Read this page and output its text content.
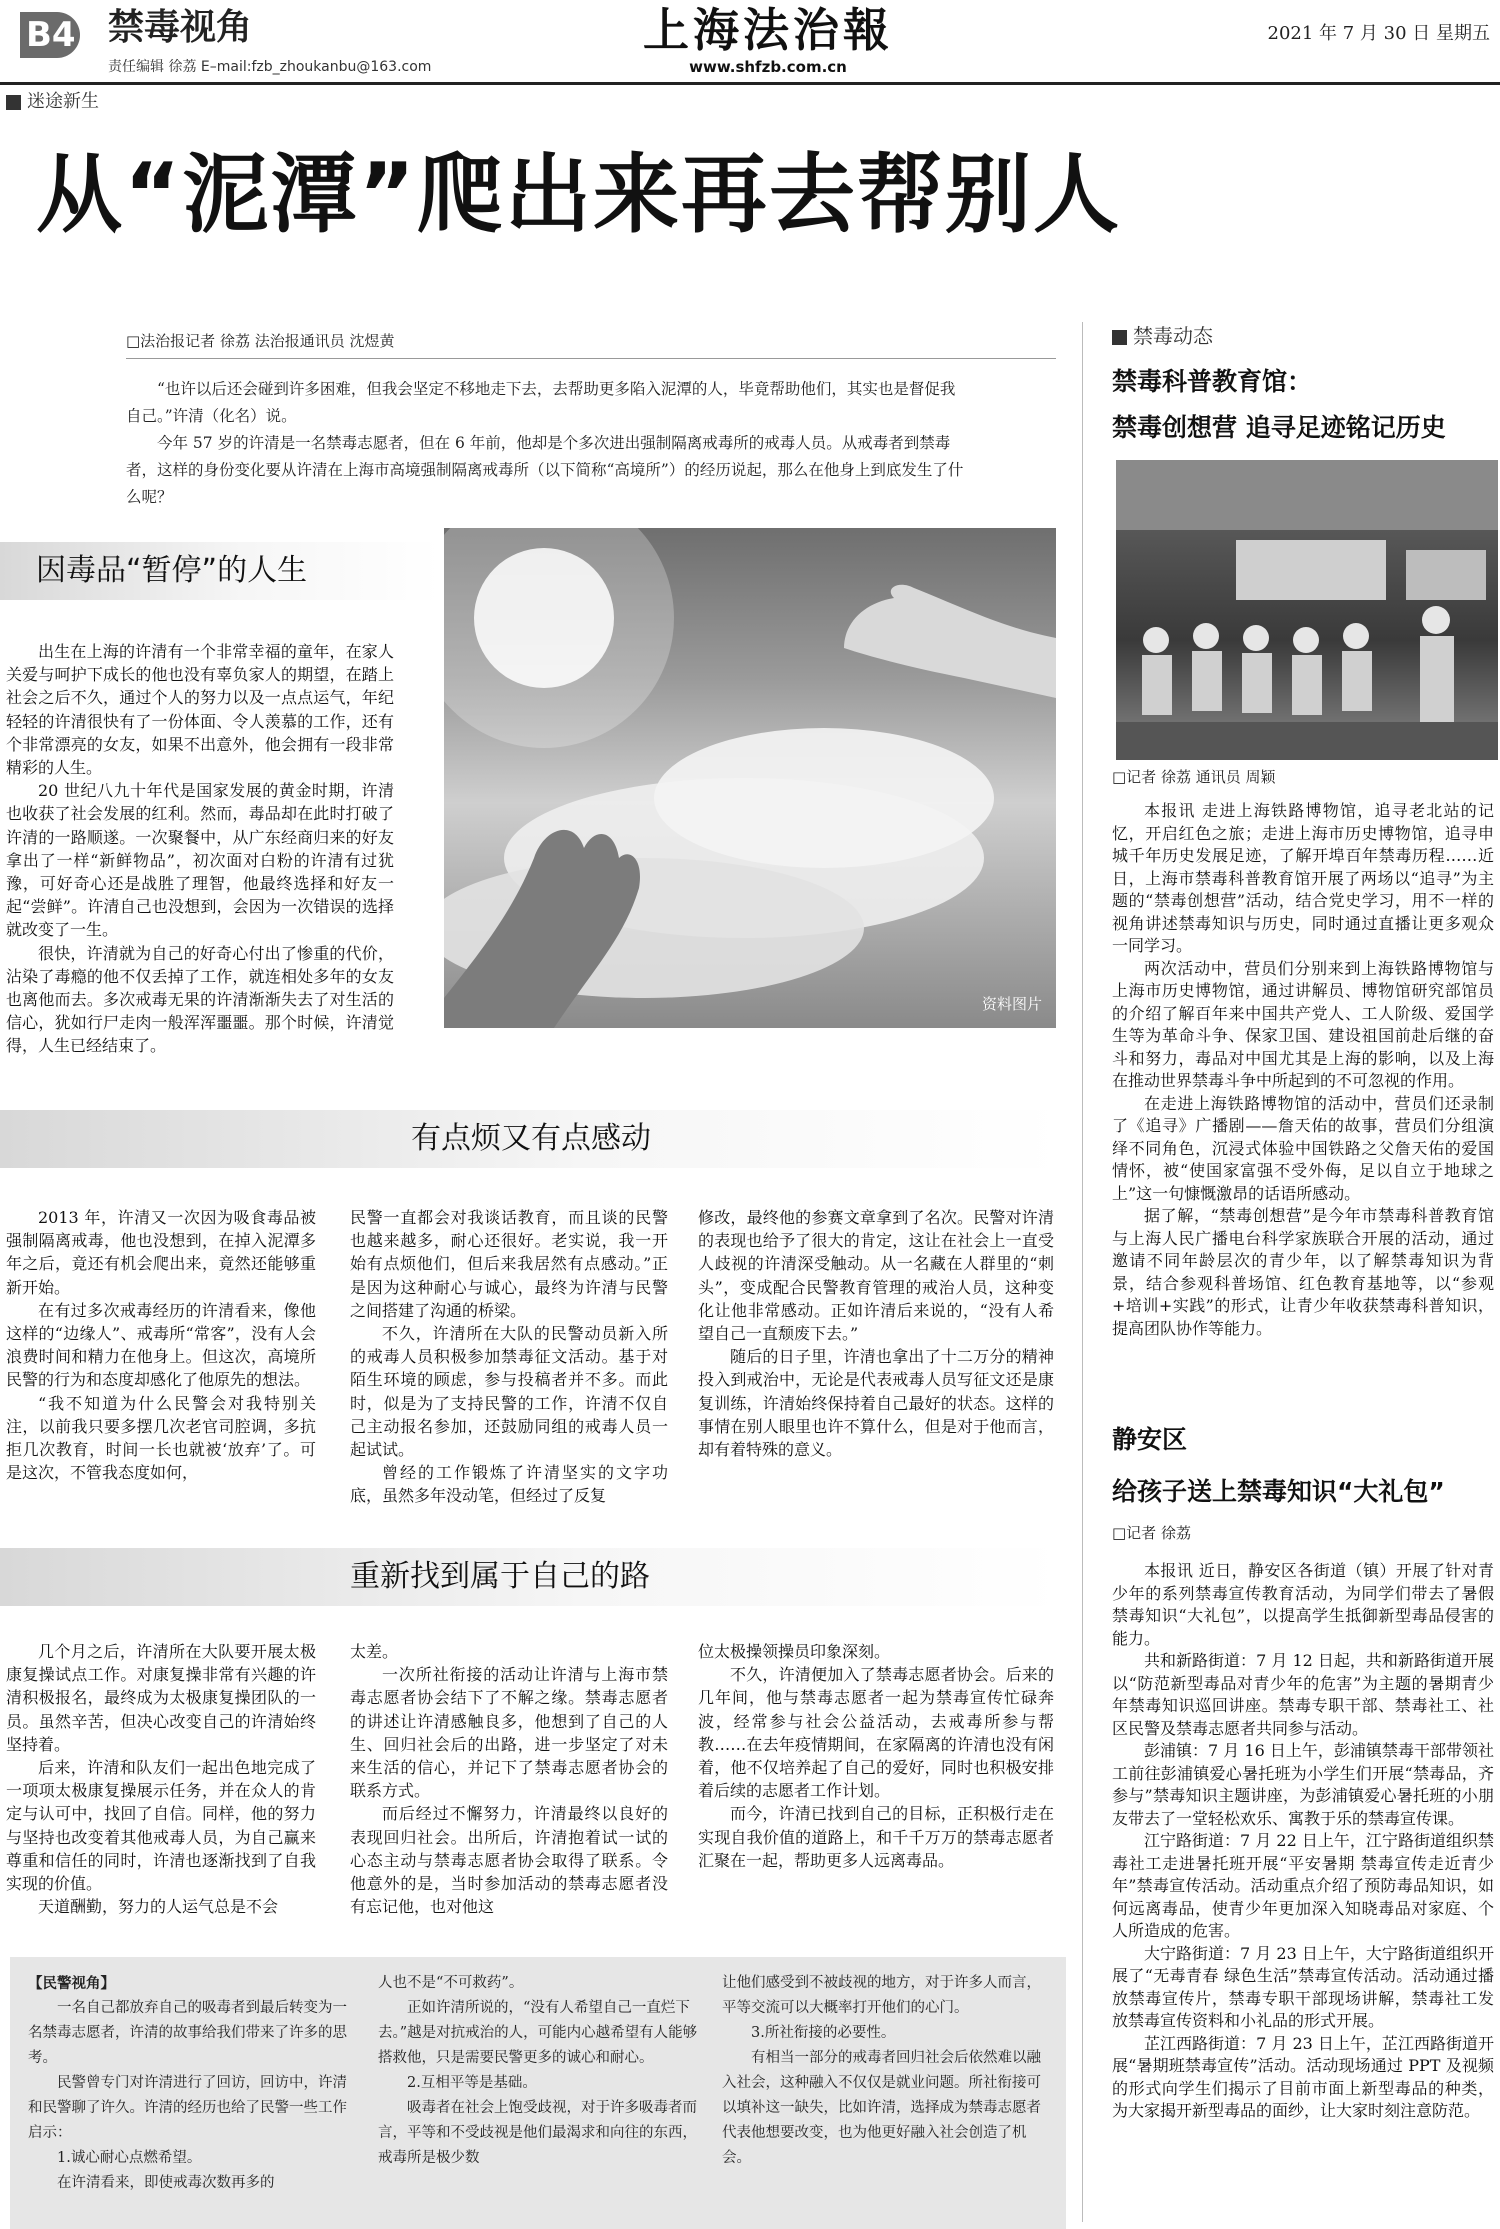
B4 禁毒视角
责任编辑 徐荔 E–mail:fzb_zhoukanbu@163.com
上海法治報
www.shfzb.com.cn
2021 年 7 月 30 日 星期五
迷途新生
从“泥潭”爬出来再去帮别人
□法治报记者 徐荔 法治报通讯员 沈煜黄

“也许以后还会碰到许多困难，但我会坚定不移地走下去，去帮助更多陷入泥潭的人，毕竟帮助他们，其实也是督促我自己。”许清（化名）说。

今年 57 岁的许清是一名禁毒志愿者，但在 6 年前，他却是个多次进出强制隔离戒毒所的戒毒人员。从戒毒者到禁毒者，这样的身份变化要从许清在上海市高境强制隔离戒毒所（以下简称“高境所”）的经历说起，那么在他身上到底发生了什么呢？

因毒品“暂停”的人生

出生在上海的许清有一个非常幸福的童年，在家人关爱与呵护下成长的他也没有辜负家人的期望，在踏上社会之后不久，通过个人的努力以及一点点运气，年纪轻轻的许清很快有了一份体面、令人羡慕的工作，还有个非常漂亮的女友，如果不出意外，他会拥有一段非常精彩的人生。

20 世纪八九十年代是国家发展的黄金时期，许清也收获了社会发展的红利。然而，毒品却在此时打破了许清的一路顺遂。一次聚餐中，从广东经商归来的好友拿出了一样“新鲜物品”，初次面对白粉的许清有过犹豫，可好奇心还是战胜了理智，他最终选择和好友一起“尝鲜”。许清自己也没想到，会因为一次错误的选择就改变了一生。

很快，许清就为自己的好奇心付出了惨重的代价，沾染了毒瘾的他不仅丢掉了工作，就连相处多年的女友也离他而去。多次戒毒无果的许清渐渐失去了对生活的信心，犹如行尸走肉一般浑浑噩噩。那个时候，许清觉得，人生已经结束了。

资料图片
有点烦又有点感动

2013 年，许清又一次因为吸食毒品被强制隔离戒毒，他也没想到，在掉入泥潭多年之后，竟还有机会爬出来，竟然还能够重新开始。

在有过多次戒毒经历的许清看来，像他这样的“边缘人”、戒毒所“常客”，没有人会浪费时间和精力在他身上。但这次，高境所民警的行为和态度却感化了他原先的想法。

“我不知道为什么民警会对我特别关注，以前我只要多摆几次老官司腔调，多抗拒几次教育，时间一长也就被‘放弃’了。可是这次，不管我态度如何，

民警一直都会对我谈话教育，而且谈的民警也越来越多，耐心还很好。老实说，我一开始有点烦他们，但后来我居然有点感动。”正是因为这种耐心与诚心，最终为许清与民警之间搭建了沟通的桥梁。

不久，许清所在大队的民警动员新入所的戒毒人员积极参加禁毒征文活动。基于对陌生环境的顾虑，参与投稿者并不多。而此时，似是为了支持民警的工作，许清不仅自己主动报名参加，还鼓励同组的戒毒人员一起试试。

曾经的工作锻炼了许清坚实的文字功底，虽然多年没动笔，但经过了反复

修改，最终他的参赛文章拿到了名次。民警对许清的表现也给予了很大的肯定，这让在社会上一直受人歧视的许清深受触动。从一名藏在人群里的“刺头”，变成配合民警教育管理的戒治人员，这种变化让他非常感动。正如许清后来说的，“没有人希望自己一直颓废下去。”

随后的日子里，许清也拿出了十二万分的精神投入到戒治中，无论是代表戒毒人员写征文还是康复训练，许清始终保持着自己最好的状态。这样的事情在别人眼里也许不算什么，但是对于他而言，却有着特殊的意义。

重新找到属于自己的路

几个月之后，许清所在大队要开展太极康复操试点工作。对康复操非常有兴趣的许清积极报名，最终成为太极康复操团队的一员。虽然辛苦，但决心改变自己的许清始终坚持着。

后来，许清和队友们一起出色地完成了一项项太极康复操展示任务，并在众人的肯定与认可中，找回了自信。同样，他的努力与坚持也改变着其他戒毒人员，为自己赢来尊重和信任的同时，许清也逐渐找到了自我实现的价值。

天道酬勤，努力的人运气总是不会

太差。

一次所社衔接的活动让许清与上海市禁毒志愿者协会结下了不解之缘。禁毒志愿者的讲述让许清感触良多，他想到了自己的人生、回归社会后的出路，进一步坚定了对未来生活的信心，并记下了禁毒志愿者协会的联系方式。

而后经过不懈努力，许清最终以良好的表现回归社会。出所后，许清抱着试一试的心态主动与禁毒志愿者协会取得了联系。令他意外的是，当时参加活动的禁毒志愿者没有忘记他，也对他这

位太极操领操员印象深刻。

不久，许清便加入了禁毒志愿者协会。后来的几年间，他与禁毒志愿者一起为禁毒宣传忙碌奔波，经常参与社会公益活动，去戒毒所参与帮教……在去年疫情期间，在家隔离的许清也没有闲着，他不仅培养起了自己的爱好，同时也积极安排着后续的志愿者工作计划。

而今，许清已找到自己的目标，正积极行走在实现自我价值的道路上，和千千万万的禁毒志愿者汇聚在一起，帮助更多人远离毒品。

【民警视角】

一名自己都放弃自己的吸毒者到最后转变为一名禁毒志愿者，许清的故事给我们带来了许多的思考。

民警曾专门对许清进行了回访，回访中，许清和民警聊了许久。许清的经历也给了民警一些工作启示：

1.诚心耐心点燃希望。

在许清看来，即使戒毒次数再多的

人也不是“不可救药”。

正如许清所说的，“没有人希望自己一直烂下去。”越是对抗戒治的人，可能内心越希望有人能够搭救他，只是需要民警更多的诚心和耐心。

2.互相平等是基础。

吸毒者在社会上饱受歧视，对于许多吸毒者而言，平等和不受歧视是他们最渴求和向往的东西，戒毒所是极少数

让他们感受到不被歧视的地方，对于许多人而言，平等交流可以大概率打开他们的心门。

3.所社衔接的必要性。

有相当一部分的戒毒者回归社会后依然难以融入社会，这种融入不仅仅是就业问题。所社衔接可以填补这一缺失，比如许清，选择成为禁毒志愿者代表他想要改变，也为他更好融入社会创造了机会。

禁毒动态
禁毒科普教育馆：
禁毒创想营 追寻足迹铭记历史
□记者 徐荔 通讯员 周颖

本报讯 走进上海铁路博物馆，追寻老北站的记忆，开启红色之旅；走进上海市历史博物馆，追寻申城千年历史发展足迹，了解开埠百年禁毒历程……近日，上海市禁毒科普教育馆开展了两场以“追寻”为主题的“禁毒创想营”活动，结合党史学习，用不一样的视角讲述禁毒知识与历史，同时通过直播让更多观众一同学习。

两次活动中，营员们分别来到上海铁路博物馆与上海市历史博物馆，通过讲解员、博物馆研究部馆员的介绍了解百年来中国共产党人、工人阶级、爱国学生等为革命斗争、保家卫国、建设祖国前赴后继的奋斗和努力，毒品对中国尤其是上海的影响，以及上海在推动世界禁毒斗争中所起到的不可忽视的作用。

在走进上海铁路博物馆的活动中，营员们还录制了《追寻》广播剧——詹天佑的故事，营员们分组演绎不同角色，沉浸式体验中国铁路之父詹天佑的爱国情怀，被“使国家富强不受外侮，足以自立于地球之上”这一句慷慨激昂的话语所感动。

据了解，“禁毒创想营”是今年市禁毒科普教育馆与上海人民广播电台科学家族联合开展的活动，通过邀请不同年龄层次的青少年，以了解禁毒知识为背景，结合参观科普场馆、红色教育基地等，以“参观+培训+实践”的形式，让青少年收获禁毒科普知识，提高团队协作等能力。

静安区
给孩子送上禁毒知识“大礼包”
□记者 徐荔

本报讯 近日，静安区各街道（镇）开展了针对青少年的系列禁毒宣传教育活动，为同学们带去了暑假禁毒知识“大礼包”，以提高学生抵御新型毒品侵害的能力。

共和新路街道：7 月 12 日起，共和新路街道开展以“防范新型毒品对青少年的危害”为主题的暑期青少年禁毒知识巡回讲座。禁毒专职干部、禁毒社工、社区民警及禁毒志愿者共同参与活动。

彭浦镇：7 月 16 日上午，彭浦镇禁毒干部带领社工前往彭浦镇爱心暑托班为小学生们开展“禁毒品，齐参与”禁毒知识主题讲座，为彭浦镇爱心暑托班的小朋友带去了一堂轻松欢乐、寓教于乐的禁毒宣传课。

江宁路街道：7 月 22 日上午，江宁路街道组织禁毒社工走进暑托班开展“平安暑期 禁毒宣传走近青少年”禁毒宣传活动。活动重点介绍了预防毒品知识，如何远离毒品，使青少年更加深入知晓毒品对家庭、个人所造成的危害。

大宁路街道：7 月 23 日上午，大宁路街道组织开展了“无毒青春 绿色生活”禁毒宣传活动。活动通过播放禁毒宣传片，禁毒专职干部现场讲解，禁毒社工发放禁毒宣传资料和小礼品的形式开展。

芷江西路街道：7 月 23 日上午，芷江西路街道开展“暑期班禁毒宣传”活动。活动现场通过 PPT 及视频的形式向学生们揭示了目前市面上新型毒品的种类，为大家揭开新型毒品的面纱，让大家时刻注意防范。
